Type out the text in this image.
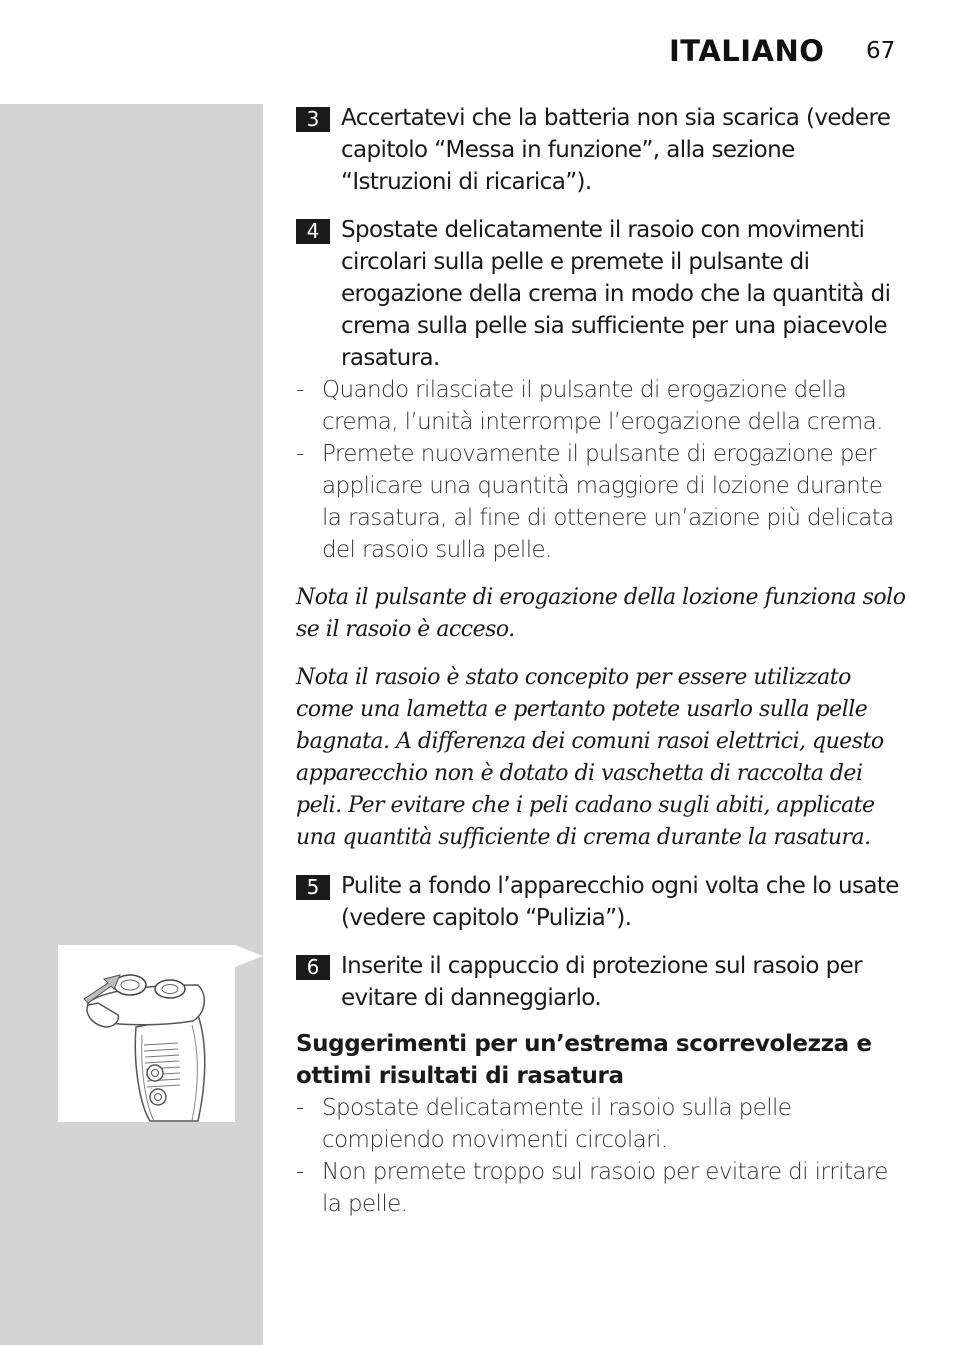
ITALIANO 67
3 Accertatevi che la batteria non sia scarica (vedere capitolo “Messa in funzione”, alla sezione “Istruzioni di ricarica”).
4 Spostate delicatamente il rasoio con movimenti circolari sulla pelle e premete il pulsante di erogazione della crema in modo che la quantità di crema sulla pelle sia sufficiente per una piacevole rasatura.
- Quando rilasciate il pulsante di erogazione della crema, l’unità interrompe l’erogazione della crema.
- Premete nuovamente il pulsante di erogazione per applicare una quantità maggiore di lozione durante la rasatura, al fine di ottenere un’azione più delicata del rasoio sulla pelle.

Nota il pulsante di erogazione della lozione funziona solo se il rasoio è acceso.

Nota il rasoio è stato concepito per essere utilizzato come una lametta e pertanto potete usarlo sulla pelle bagnata. A differenza dei comuni rasoi elettrici, questo apparecchio non è dotato di vaschetta di raccolta dei peli. Per evitare che i peli cadano sugli abiti, applicate una quantità sufficiente di crema durante la rasatura.

5 Pulite a fondo l’apparecchio ogni volta che lo usate (vedere capitolo “Pulizia”).
6 Inserite il cappuccio di protezione sul rasoio per evitare di danneggiarlo.
Suggerimenti per un’estrema scorrevolezza e ottimi risultati di rasatura
- Spostate delicatamente il rasoio sulla pelle compiendo movimenti circolari.
- Non premete troppo sul rasoio per evitare di irritare la pelle.
